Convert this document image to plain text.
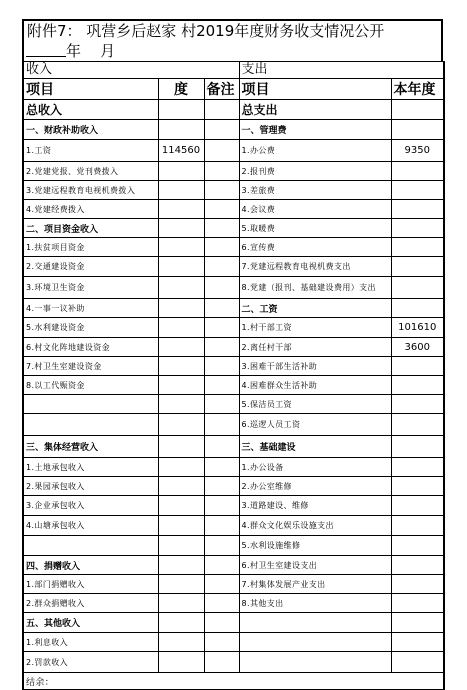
附件7： 巩营乡后赵家 村2019年度财务收支情况公开
年    月
收入			支出	
项目	度	备注	项目	本年度
总收入			总支出	
一、财政补助收入			一、管理费	
1.工资	114560		1.办公费	9350
2.党建党报、党刊费拨入			2.报刊费	
3.党建远程教育电视机费拨入			3.差旅费	
4.党建经费拨入			4.会议费	
二、项目资金收入			5.取暖费	
1.扶贫项目资金			6.宣传费	
2.交通建设资金			7.党建远程教育电视机费支出	
3.环境卫生资金			8.党建（报刊、基础建设费用）支出	
4.一事一议补助			二、工资	
5.水利建设资金			1.村干部工资	101610
6.村文化阵地建设资金			2.离任村干部	3600
7.村卫生室建设资金			3.困难干部生活补助	
8.以工代赈资金			4.困难群众生活补助	
			5.保洁员工资	
			6.巡逻人员工资	
三、集体经营收入			三、基础建设	
1.土地承包收入			1.办公设备	
2.果园承包收入			2.办公室维修	
3.企业承包收入			3.道路建设、维修	
4.山塘承包收入			4.群众文化娱乐设施支出	
			5.水利设施维修	
四、捐赠收入			6.村卫生室建设支出	
1.部门捐赠收入			7.村集体发展产业支出	
2.群众捐赠收入			8.其他支出	
五、其他收入				
1.利息收入				
2.罚款收入				
结余：				
